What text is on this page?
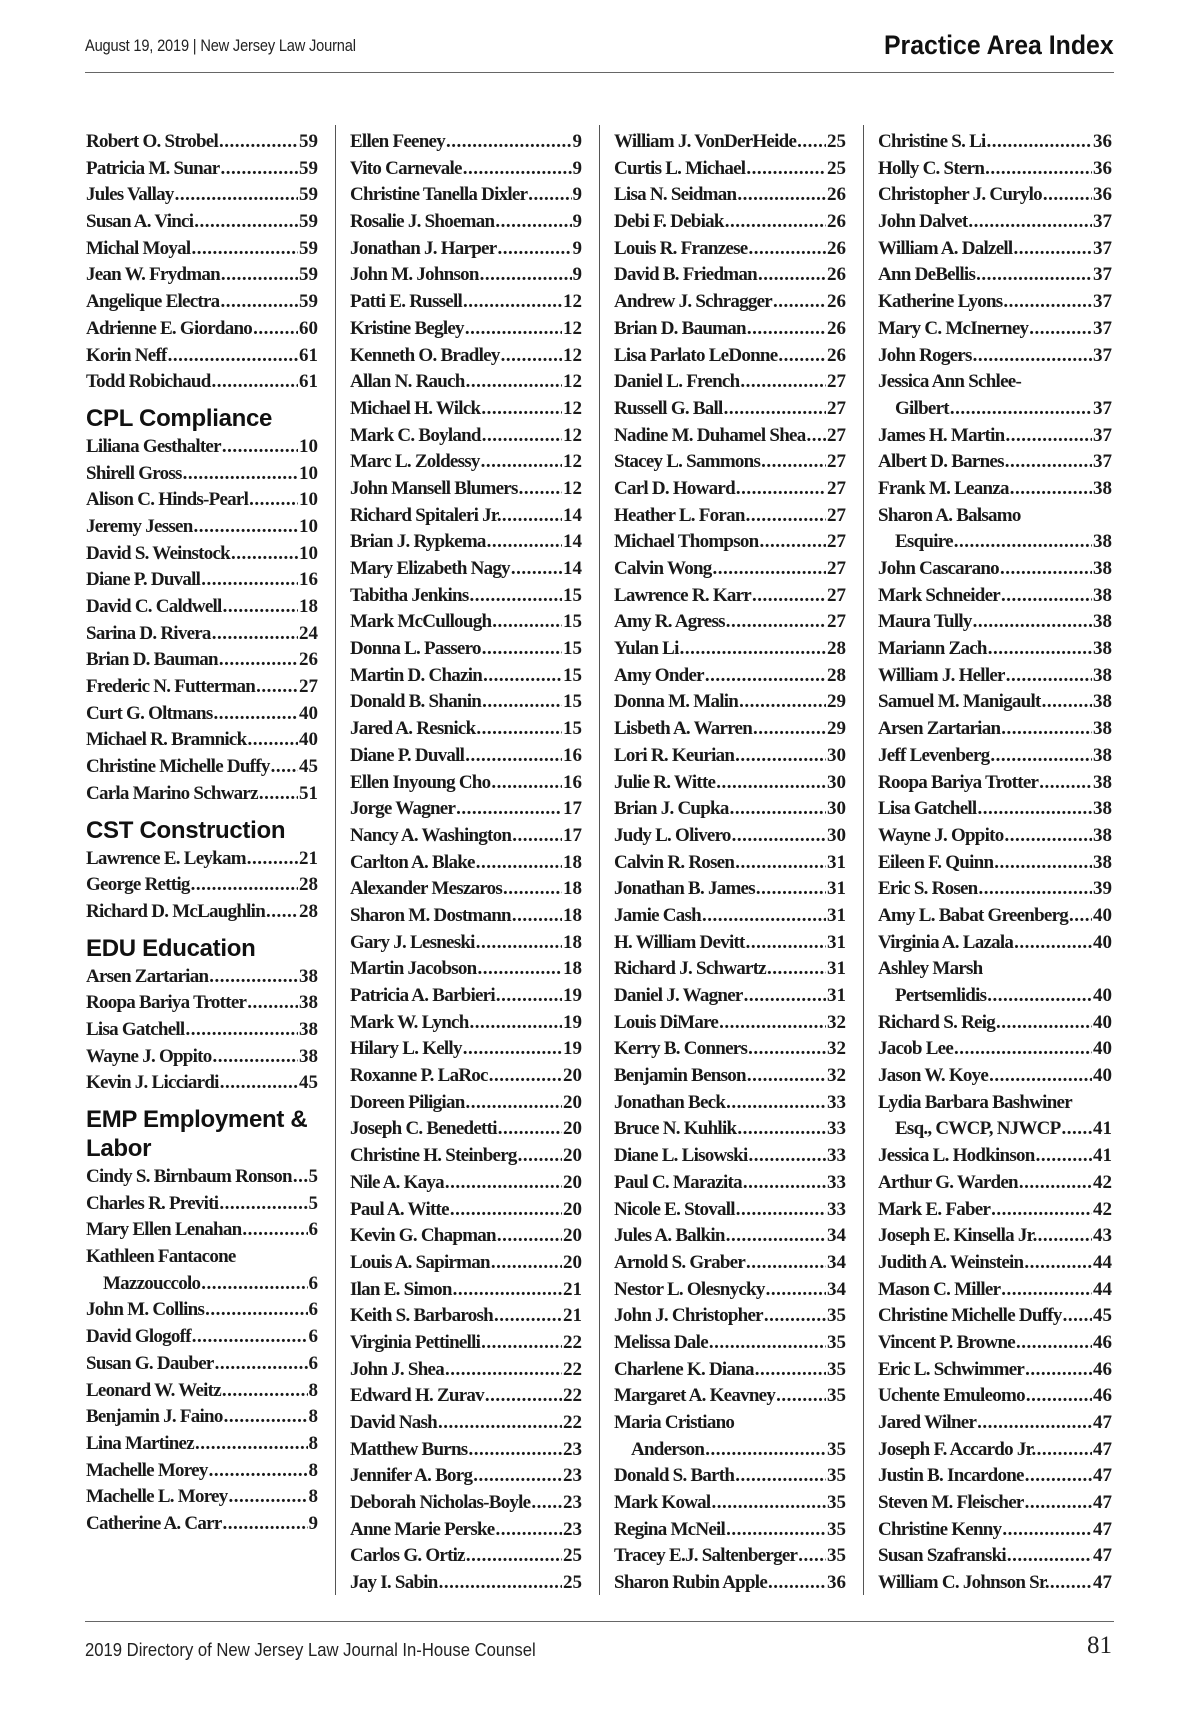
August 19, 2019 | New Jersey Law Journal	Practice Area Index
Robert O. Strobel .....	59
Patricia M. Sunar .....	59
Jules Vallay .....	59
Susan A. Vinci .....	59
Michal Moyal .....	59
Jean W. Frydman .....	59
Angelique Electra .....	59
Adrienne E. Giordano ..... 60
Korin Neff .....	61
Todd Robichaud .....	61
CPL Compliance
Liliana Gesthalter .....	10
Shirell Gross .....	10
Alison C. Hinds-Pearl .....	10
Jeremy Jessen .....	10
David S. Weinstock .....	10
Diane P. Duvall .....	16
David C. Caldwell .....	18
Sarina D. Rivera .....	24
Brian D. Bauman .....	26
Frederic N. Futterman ..... 27
Curt G. Oltmans .....	40
Michael R. Bramnick .....	40
Christine Michelle Duffy ..... 45
Carla Marino Schwarz ..... 51
CST Construction
Lawrence E. Leykam .....	21
George Rettig .....	28
Richard D. McLaughlin ..... 28
EDU Education
Arsen Zartarian .....	38
Roopa Bariya Trotter .....	38
Lisa Gatchell .....	38
Wayne J. Oppito .....	38
Kevin J. Licciardi .....	45
EMP Employment & Labor
Cindy S. Birnbaum Ronson ..... 5
Charles R. Previti .....	5
Mary Ellen Lenahan .....	6
Kathleen Fantacone
Mazzouccolo .....	6
John M. Collins .....	6
David Glogoff .....	6
Susan G. Dauber .....	6
Leonard W. Weitz .....	8
Benjamin J. Faino .....	8
Lina Martinez .....	8
Machelle Morey .....	8
Machelle L. Morey .....	8
Catherine A. Carr .....	9
Ellen Feeney .....	9
Vito Carnevale .....	9
Christine Tanella Dixler ..... 9
Rosalie J. Shoeman .....	9
Jonathan J. Harper .....	9
John M. Johnson .....	9
Patti E. Russell .....	12
Kristine Begley .....	12
Kenneth O. Bradley .....	12
Allan N. Rauch .....	12
Michael H. Wilck .....	12
Mark C. Boyland .....	12
Marc L. Zoldessy .....	12
John Mansell Blumers ..... 12
Richard Spitaleri Jr. .....	14
Brian J. Rypkema .....	14
Mary Elizabeth Nagy .....	14
Tabitha Jenkins .....	15
Mark McCullough .....	15
Donna L. Passero .....	15
Martin D. Chazin .....	15
Donald B. Shanin .....	15
Jared A. Resnick .....	15
Diane P. Duvall .....	16
Ellen Inyoung Cho .....	16
Jorge Wagner .....	17
Nancy A. Washington .....	17
Carlton A. Blake .....	18
Alexander Meszaros .....	18
Sharon M. Dostmann .....	18
Gary J. Lesneski .....	18
Martin Jacobson .....	18
Patricia A. Barbieri .....	19
Mark W. Lynch .....	19
Hilary L. Kelly .....	19
Roxanne P. LaRoc .....	20
Doreen Piligian .....	20
Joseph C. Benedetti .....	20
Christine H. Steinberg ..... 20
Nile A. Kaya .....	20
Paul A. Witte .....	20
Kevin G. Chapman .....	20
Louis A. Sapirman .....	20
Ilan E. Simon .....	21
Keith S. Barbarosh .....	21
Virginia Pettinelli .....	22
John J. Shea .....	22
Edward H. Zurav .....	22
David Nash .....	22
Matthew Burns .....	23
Jennifer A. Borg .....	23
Deborah Nicholas-Boyle ..... 23
Anne Marie Perske .....	23
Carlos G. Ortiz .....	25
Jay I. Sabin .....	25
William J. VonDerHeide ..... 25
Curtis L. Michael .....	25
Lisa N. Seidman .....	26
Debi F. Debiak .....	26
Louis R. Franzese .....	26
David B. Friedman .....	26
Andrew J. Schragger .....	26
Brian D. Bauman .....	26
Lisa Parlato LeDonne .....	26
Daniel L. French .....	27
Russell G. Ball .....	27
Nadine M. Duhamel Shea ..... 27
Stacey L. Sammons .....	27
Carl D. Howard .....	27
Heather L. Foran .....	27
Michael Thompson .....	27
Calvin Wong .....	27
Lawrence R. Karr .....	27
Amy R. Agress .....	27
Yulan Li .....	28
Amy Onder .....	28
Donna M. Malin .....	29
Lisbeth A. Warren .....	29
Lori R. Keurian .....	30
Julie R. Witte .....	30
Brian J. Cupka .....	30
Judy L. Olivero .....	30
Calvin R. Rosen .....	31
Jonathan B. James .....	31
Jamie Cash .....	31
H. William Devitt .....	31
Richard J. Schwartz .....	31
Daniel J. Wagner .....	31
Louis DiMare .....	32
Kerry B. Conners .....	32
Benjamin Benson .....	32
Jonathan Beck .....	33
Bruce N. Kuhlik .....	33
Diane L. Lisowski .....	33
Paul C. Marazita .....	33
Nicole E. Stovall .....	33
Jules A. Balkin .....	34
Arnold S. Graber .....	34
Nestor L. Olesnycky .....	34
John J. Christopher .....	35
Melissa Dale .....	35
Charlene K. Diana .....	35
Margaret A. Keavney .....	35
Maria Cristiano
Anderson .....	35
Donald S. Barth .....	35
Mark Kowal .....	35
Regina McNeil .....	35
Tracey E.J. Saltenberger ..... 35
Sharon Rubin Apple .....	36
Christine S. Li .....	36
Holly C. Stern .....	36
Christopher J. Curylo .....	36
John Dalvet .....	37
William A. Dalzell .....	37
Ann DeBellis .....	37
Katherine Lyons .....	37
Mary C. McInerney .....	37
John Rogers .....	37
Jessica Ann Schlee-
Gilbert .....	37
James H. Martin .....	37
Albert D. Barnes .....	37
Frank M. Leanza .....	38
Sharon A. Balsamo
Esquire .....	38
John Cascarano .....	38
Mark Schneider .....	38
Maura Tully .....	38
Mariann Zach .....	38
William J. Heller .....	38
Samuel M. Manigault .....	38
Arsen Zartarian .....	38
Jeff Levenberg .....	38
Roopa Bariya Trotter .....	38
Lisa Gatchell .....	38
Wayne J. Oppito .....	38
Eileen F. Quinn .....	38
Eric S. Rosen .....	39
Amy L. Babat Greenberg ..... 40
Virginia A. Lazala .....	40
Ashley Marsh
Pertsemlidis .....	40
Richard S. Reig .....	40
Jacob Lee .....	40
Jason W. Koye .....	40
Lydia Barbara Bashwiner
Esq., CWCP, NJWCP ..... 41
Jessica L. Hodkinson .....	41
Arthur G. Warden .....	42
Mark E. Faber .....	42
Joseph E. Kinsella Jr. .....	43
Judith A. Weinstein .....	44
Mason C. Miller .....	44
Christine Michelle Duffy ..... 45
Vincent P. Browne .....	46
Eric L. Schwimmer .....	46
Uchente Emuleomo .....	46
Jared Wilner .....	47
Joseph F. Accardo Jr. .....	47
Justin B. Incardone .....	47
Steven M. Fleischer .....	47
Christine Kenny .....	47
Susan Szafranski .....	47
William C. Johnson Sr. ..... 47
2019 Directory of New Jersey Law Journal In-House Counsel	81
